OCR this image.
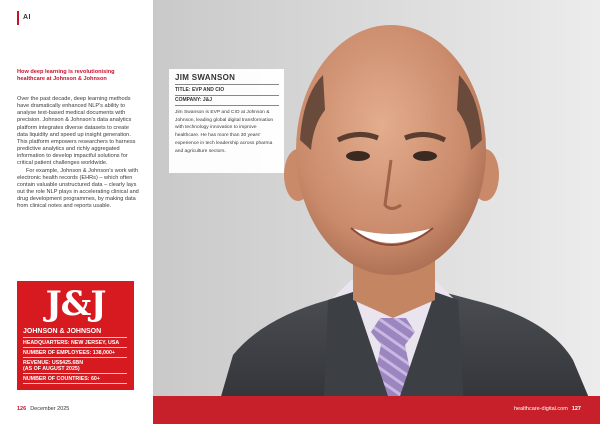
AI
How deep learning is revolutionising healthcare at Johnson & Johnson

Over the past decade, deep learning methods have dramatically enhanced NLP's ability to analyse text-based medical documents with precision. Johnson & Johnson's data analytics platform integrates diverse datasets to create data liquidity and speed up insight generation. This platform empowers researchers to harness predictive analytics and richly aggregated information to develop impactful solutions for critical patient challenges worldwide.

For example, Johnson & Johnson's work with electronic health records (EHRs) – which often contain valuable unstructured data – clearly lays out the role NLP plays in accelerating clinical and drug development programmes, by making data from clinical notes and reports usable.

J&J
JOHNSON & JOHNSON
HEADQUARTERS: NEW JERSEY, USA
NUMBER OF EMPLOYEES: 138,000+
REVENUE: US$425.6BN
(AS OF AUGUST 2025)
NUMBER OF COUNTRIES: 60+
126 December 2025	healthcare-digital.com 127
JIM SWANSON
TITLE: EVP AND CIO
COMPANY: J&J
Jim Swanson is EVP and CIO at Johnson & Johnson, leading global digital transformation with technology innovation to improve healthcare. He has more than 30 years' experience in tech leadership across pharma and agriculture sectors.
